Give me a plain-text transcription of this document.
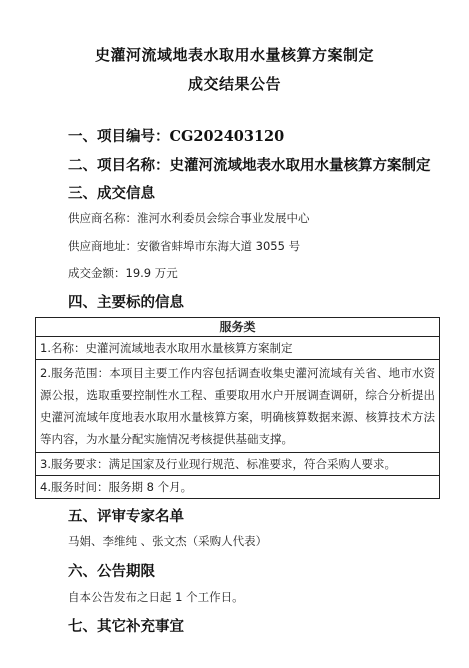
史灌河流域地表水取用水量核算方案制定
成交结果公告
一、项目编号：CG202403120
二、项目名称：史灌河流域地表水取用水量核算方案制定
三、成交信息
供应商名称：淮河水利委员会综合事业发展中心
供应商地址：安徽省蚌埠市东海大道 3055 号
成交金额：19.9 万元
四、主要标的信息
服务类
1.名称：史灌河流域地表水取用水量核算方案制定
2.服务范围：本项目主要工作内容包括调查收集史灌河流域有关省、地市水资源公报，选取重要控制性水工程、重要取用水户开展调查调研，综合分析提出史灌河流域年度地表水取用水量核算方案，明确核算数据来源、核算技术方法等内容，为水量分配实施情况考核提供基础支撑。
3.服务要求：满足国家及行业现行规范、标准要求，符合采购人要求。
4.服务时间：服务期 8 个月。
五、评审专家名单
马娟、李维纯 、张文杰（采购人代表）
六、公告期限
自本公告发布之日起 1 个工作日。
七、其它补充事宜
